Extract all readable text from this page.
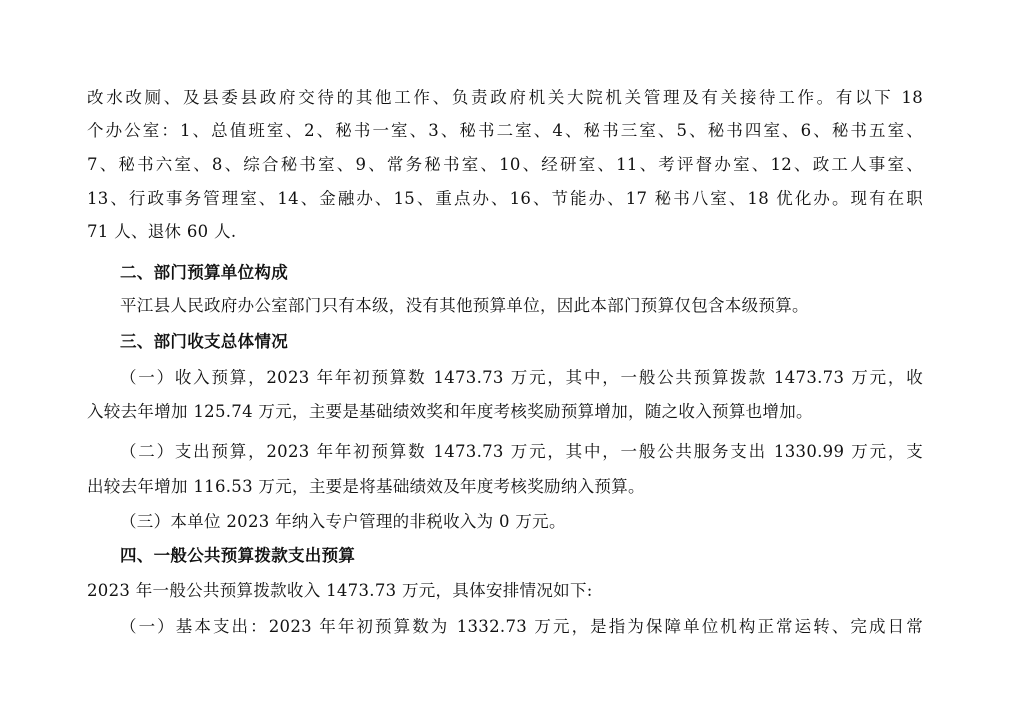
改水改厕、及县委县政府交待的其他工作、负责政府机关大院机关管理及有关接待工作。有以下 18
个办公室：1、总值班室、2、秘书一室、3、秘书二室、4、秘书三室、5、秘书四室、6、秘书五室、
7、秘书六室、8、综合秘书室、9、常务秘书室、10、经研室、11、考评督办室、12、政工人事室、
13、行政事务管理室、14、金融办、15、重点办、16、节能办、17 秘书八室、18 优化办。现有在职
71 人、退休 60 人.
二、部门预算单位构成
平江县人民政府办公室部门只有本级，没有其他预算单位，因此本部门预算仅包含本级预算。
三、部门收支总体情况
（一）收入预算，2023 年年初预算数 1473.73 万元，其中，一般公共预算拨款 1473.73 万元，收
入较去年增加 125.74 万元，主要是基础绩效奖和年度考核奖励预算增加，随之收入预算也增加。
（二）支出预算，2023 年年初预算数 1473.73 万元，其中，一般公共服务支出 1330.99 万元，支
出较去年增加 116.53 万元，主要是将基础绩效及年度考核奖励纳入预算。
（三）本单位 2023 年纳入专户管理的非税收入为 0 万元。
四、一般公共预算拨款支出预算
2023 年一般公共预算拨款收入 1473.73 万元，具体安排情况如下:
（一）基本支出：2023 年年初预算数为 1332.73 万元，是指为保障单位机构正常运转、完成日常
